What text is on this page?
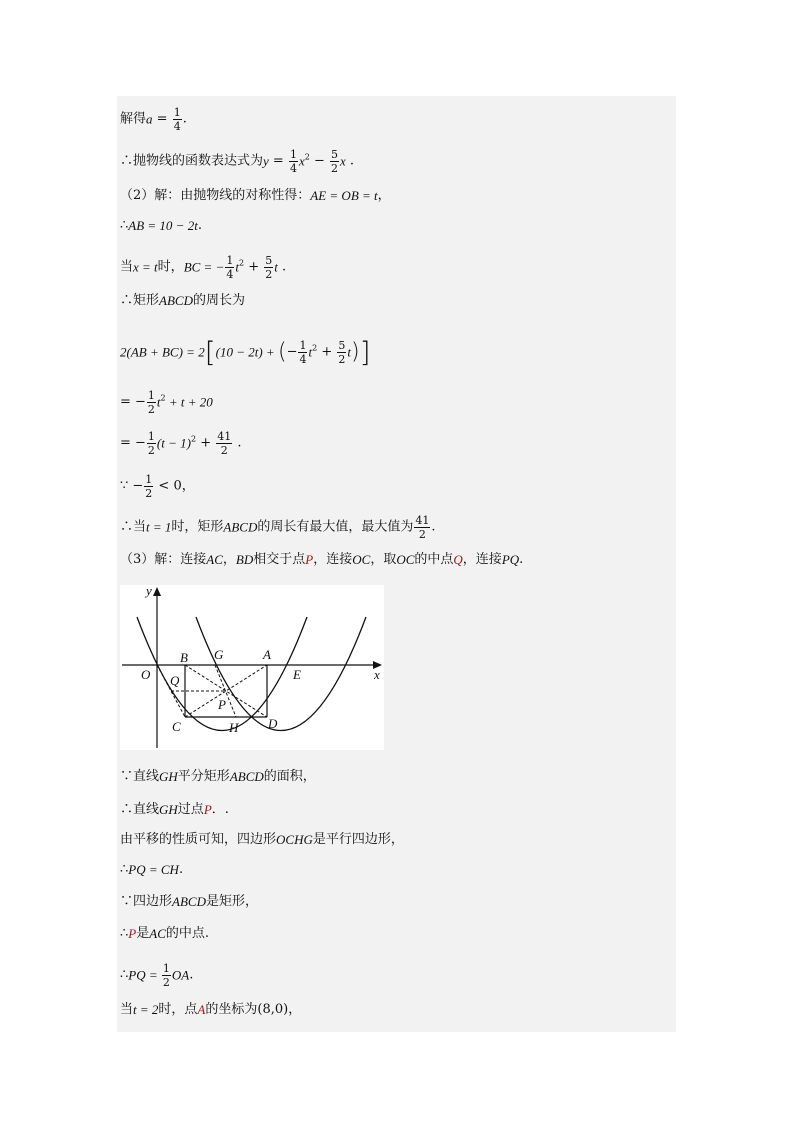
解得$a = \frac{1}{4}$ .
∴抛物线的函数表达式为$y = \frac{1}{4} x^2 - \frac{5}{2}$ x .
（2）解：由抛物线的对称性得：AE = OB = t，
∴AB = 10 − 2t.
当x = t时，BC = − $\frac{1}{4} t^2 + \frac{5}{2}$ t .
∴矩形ABCD的周长为
2(AB + BC) = 2[(10 − 2t) + (− $\frac{1}{4} t^2 + \frac{5}{2} t$)]
= − $\frac{1}{2} t^2 + t + 20$
= − $\frac{1}{2} (t - 1)^2 + \frac{41}{2}$ .
∵ − $\frac{1}{2} < 0$，
∴当t = 1时，矩形ABCD的周长有最大值，最大值为 $\frac{41}{2}$ .
（3）解：连接AC，BD相交于点P，连接OC，取OC的中点Q，连接PQ.
y
x
O
B G	A
E
Q
P
C	H D
∵直线GH平分矩形ABCD的面积，
∴直线GH过点P．.
由平移的性质可知，四边形OCHG是平行四边形，
∴PQ = CH.
∵四边形ABCD是矩形，
∴P是AC的中点.
∴PQ = $\frac{1}{2}$ OA.
当t = 2时，点A的坐标为(8,0)，
